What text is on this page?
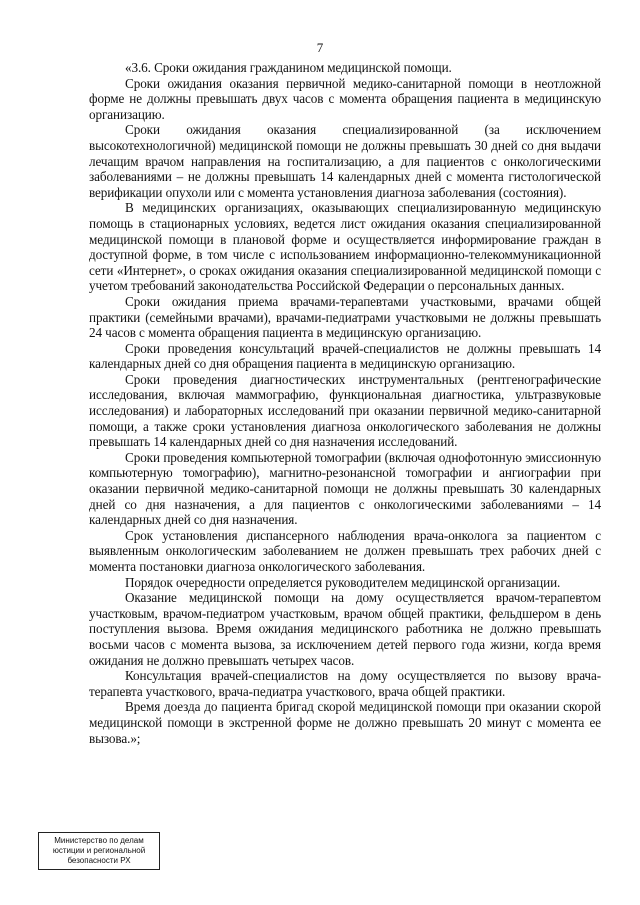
7

«3.6. Сроки ожидания гражданином медицинской помощи.

Сроки ожидания оказания первичной медико-санитарной помощи в неотложной форме не должны превышать двух часов с момента обращения пациента в медицинскую организацию.

Сроки ожидания оказания специализированной (за исключением высокотехнологичной) медицинской помощи не должны превышать 30 дней со дня выдачи лечащим врачом направления на госпитализацию, а для пациентов с онкологическими заболеваниями – не должны превышать 14 календарных дней с момента гистологической верификации опухоли или с момента установления диагноза заболевания (состояния).

В медицинских организациях, оказывающих специализированную медицинскую помощь в стационарных условиях, ведется лист ожидания оказания специализированной медицинской помощи в плановой форме и осуществляется информирование граждан в доступной форме, в том числе с использованием информационно-телекоммуникационной сети «Интернет», о сроках ожидания оказания специализированной медицинской помощи с учетом требований законодательства Российской Федерации о персональных данных.

Сроки ожидания приема врачами-терапевтами участковыми, врачами общей практики (семейными врачами), врачами-педиатрами участковыми не должны превышать 24 часов с момента обращения пациента в медицинскую организацию.

Сроки проведения консультаций врачей-специалистов не должны превышать 14 календарных дней со дня обращения пациента в медицинскую организацию.

Сроки проведения диагностических инструментальных (рентгенографические исследования, включая маммографию, функциональная диагностика, ультразвуковые исследования) и лабораторных исследований при оказании первичной медико-санитарной помощи, а также сроки установления диагноза онкологического заболевания не должны превышать 14 календарных дней со дня назначения исследований.

Сроки проведения компьютерной томографии (включая однофотонную эмиссионную компьютерную томографию), магнитно-резонансной томографии и ангиографии при оказании первичной медико-санитарной помощи не должны превышать 30 календарных дней со дня назначения, а для пациентов с онкологическими заболеваниями – 14 календарных дней со дня назначения.

Срок установления диспансерного наблюдения врача-онколога за пациентом с выявленным онкологическим заболеванием не должен превышать трех рабочих дней с момента постановки диагноза онкологического заболевания.

Порядок очередности определяется руководителем медицинской организации.

Оказание медицинской помощи на дому осуществляется врачом-терапевтом участковым, врачом-педиатром участковым, врачом общей практики, фельдшером в день поступления вызова. Время ожидания медицинского работника не должно превышать восьми часов с момента вызова, за исключением детей первого года жизни, когда время ожидания не должно превышать четырех часов.

Консультация врачей-специалистов на дому осуществляется по вызову врача-терапевта участкового, врача-педиатра участкового, врача общей практики.

Время доезда до пациента бригад скорой медицинской помощи при оказании скорой медицинской помощи в экстренной форме не должно превышать 20 минут с момента ее вызова.»;

Министерство по делам
юстиции и региональной
безопасности РХ
